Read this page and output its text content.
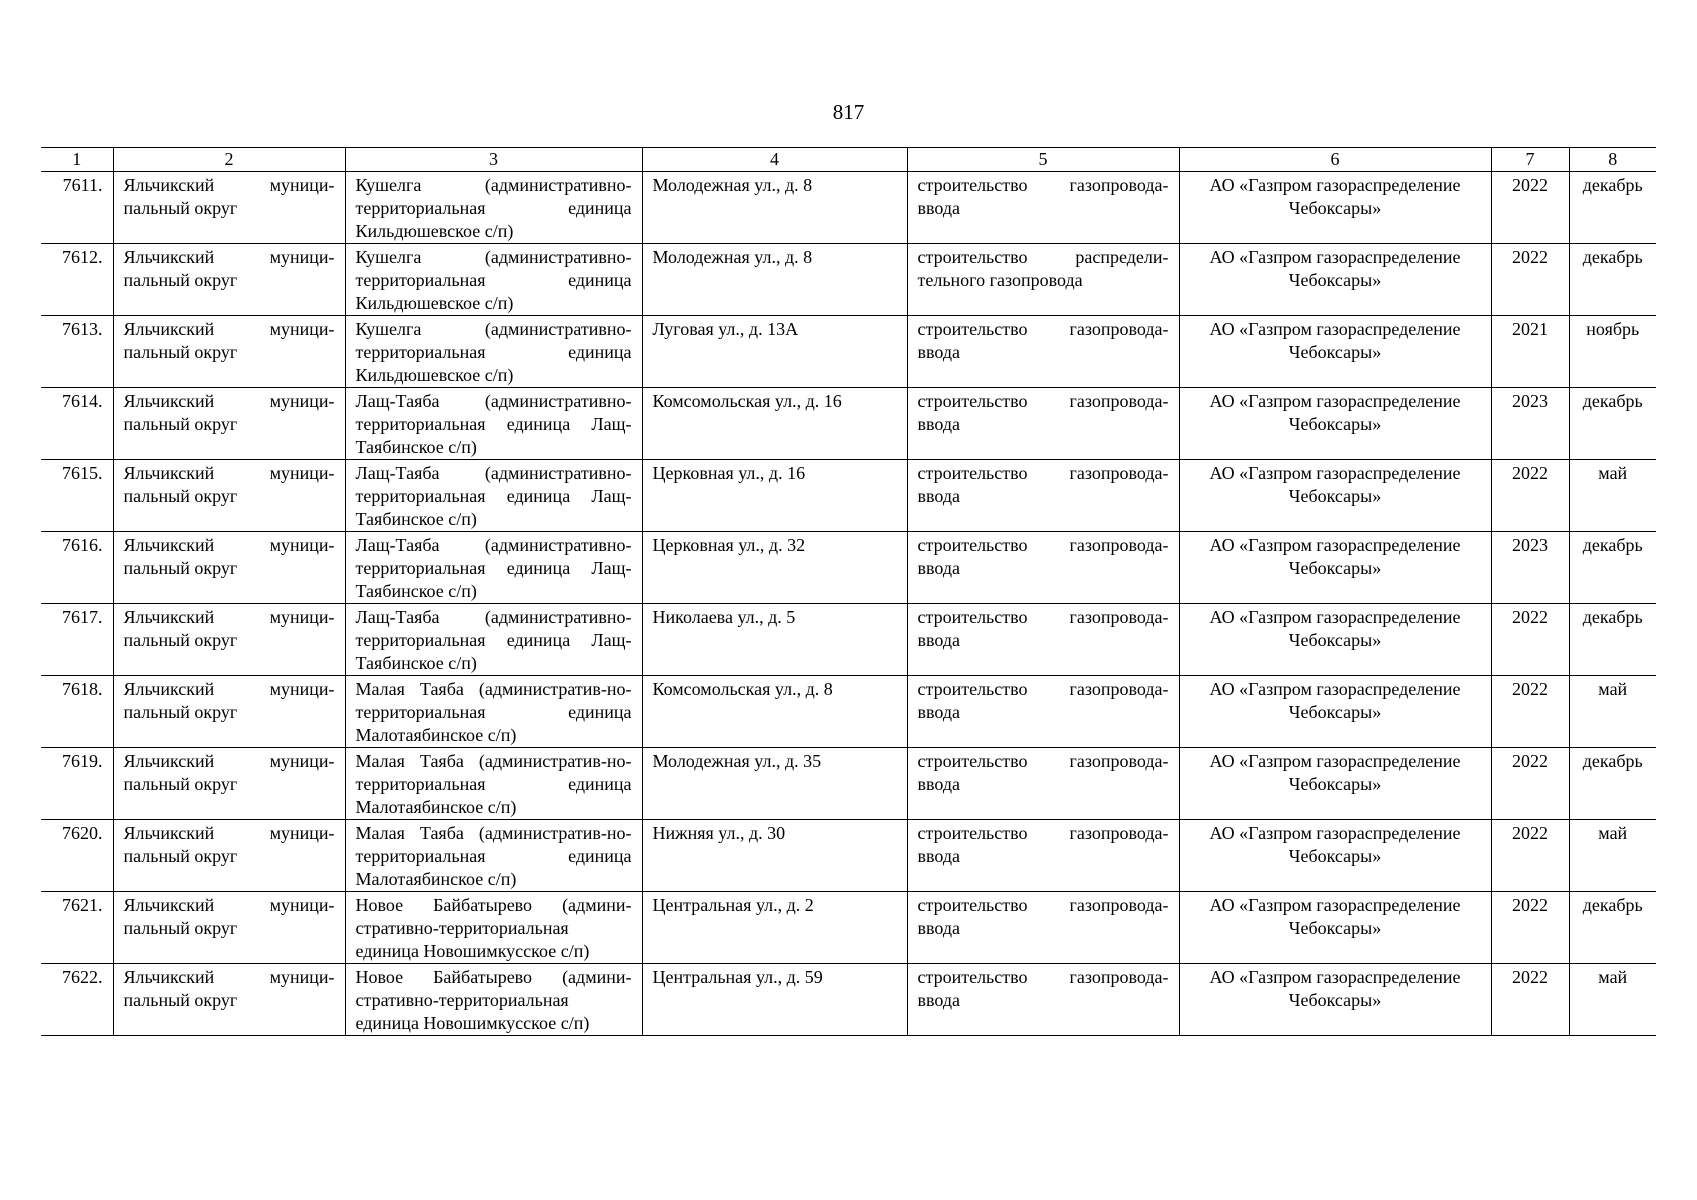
817
1	2	3	4	5	6	7	8
7611.	Яльчикский муници-пальный округ	Кушелга (административно-территориальная единица Кильдюшевское с/п)	Молодежная ул., д. 8	строительство газопровода-ввода	АО «Газпром газораспределение Чебоксары»	2022	декабрь
7612.	Яльчикский муници-пальный округ	Кушелга (административно-территориальная единица Кильдюшевское с/п)	Молодежная ул., д. 8	строительство распредели-тельного газопровода	АО «Газпром газораспределение Чебоксары»	2022	декабрь
7613.	Яльчикский муници-пальный округ	Кушелга (административно-территориальная единица Кильдюшевское с/п)	Луговая ул., д. 13А	строительство газопровода-ввода	АО «Газпром газораспределение Чебоксары»	2021	ноябрь
7614.	Яльчикский муници-пальный округ	Лащ-Таяба (административно-территориальная единица Лащ-Таябинское с/п)	Комсомольская ул., д. 16	строительство газопровода-ввода	АО «Газпром газораспределение Чебоксары»	2023	декабрь
7615.	Яльчикский муници-пальный округ	Лащ-Таяба (административно-территориальная единица Лащ-Таябинское с/п)	Церковная ул., д. 16	строительство газопровода-ввода	АО «Газпром газораспределение Чебоксары»	2022	май
7616.	Яльчикский муници-пальный округ	Лащ-Таяба (административно-территориальная единица Лащ-Таябинское с/п)	Церковная ул., д. 32	строительство газопровода-ввода	АО «Газпром газораспределение Чебоксары»	2023	декабрь
7617.	Яльчикский муници-пальный округ	Лащ-Таяба (административно-территориальная единица Лащ-Таябинское с/п)	Николаева ул., д. 5	строительство газопровода-ввода	АО «Газпром газораспределение Чебоксары»	2022	декабрь
7618.	Яльчикский муници-пальный округ	Малая Таяба (административ-но-территориальная единица Малотаябинское с/п)	Комсомольская ул., д. 8	строительство газопровода-ввода	АО «Газпром газораспределение Чебоксары»	2022	май
7619.	Яльчикский муници-пальный округ	Малая Таяба (административ-но-территориальная единица Малотаябинское с/п)	Молодежная ул., д. 35	строительство газопровода-ввода	АО «Газпром газораспределение Чебоксары»	2022	декабрь
7620.	Яльчикский муници-пальный округ	Малая Таяба (административ-но-территориальная единица Малотаябинское с/п)	Нижняя ул., д. 30	строительство газопровода-ввода	АО «Газпром газораспределение Чебоксары»	2022	май
7621.	Яльчикский муници-пальный округ	Новое Байбатырево (админи-стративно-территориальная единица Новошимкусское с/п)	Центральная ул., д. 2	строительство газопровода-ввода	АО «Газпром газораспределение Чебоксары»	2022	декабрь
7622.	Яльчикский муници-пальный округ	Новое Байбатырево (админи-стративно-территориальная единица Новошимкусское с/п)	Центральная ул., д. 59	строительство газопровода-ввода	АО «Газпром газораспределение Чебоксары»	2022	май
